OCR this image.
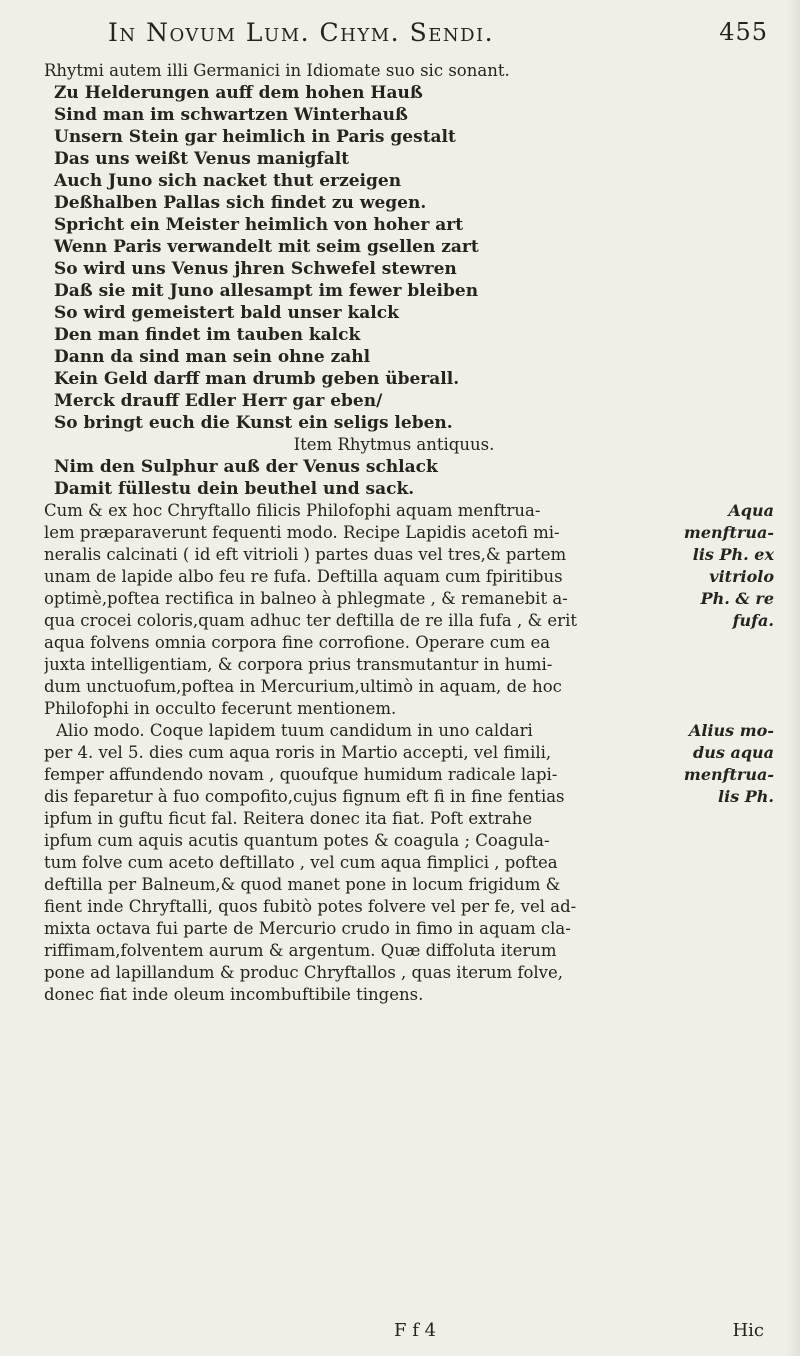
In Novum Lum. Chym. Sendi.	455
Rhytmi autem illi Germanici in Idiomate suo sic sonant.
Zu Helderungen auff dem hohen Hauß
Sind man im schwartzen Winterhauß
Unsern Stein gar heimlich in Paris gestalt
Das uns weißt Venus manigfalt
Auch Juno sich nacket thut erzeigen
Deßhalben Pallas sich findet zu wegen.
Spricht ein Meister heimlich von hoher art
Wenn Paris verwandelt mit seim gsellen zart
So wird uns Venus jhren Schwefel stewren
Daß sie mit Juno allesampt im fewer bleiben
So wird gemeistert bald unser kalck
Den man findet im tauben kalck
Dann da sind man sein ohne zahl
Kein Geld darff man drumb geben überall.
Merck drauff Edler Herr gar eben/
So bringt euch die Kunst ein seligs leben.
Item Rhytmus antiquus.
Nim den Sulphur auß der Venus schlack
Damit füllestu dein beuthel und sack.
Cum & ex hoc Chryftallo filicis Philofophi aquam menftrua-	Aqua
lem præparaverunt fequenti modo. Recipe Lapidis acetofi mi-	menftrua-
neralis calcinati ( id eft vitrioli ) partes duas vel tres,& partem	lis Ph. ex
unam de lapide albo feu re fufa. Deftilla aquam cum fpiritibus	vitriolo
optimè,poftea rectifica in balneo à phlegmate , & remanebit a-	Ph. & re
qua crocei coloris,quam adhuc ter deftilla de re illa fufa , & erit	fufa.
aqua folvens omnia corpora fine corrofione. Operare cum ea
juxta intelligentiam, & corpora prius transmutantur in humi-
dum unctuofum,poftea in Mercurium,ultimò in aquam, de hoc
Philofophi in occulto fecerunt mentionem.
Alio modo. Coque lapidem tuum candidum in uno caldari	Alius mo-
per 4. vel 5. dies cum aqua roris in Martio accepti, vel fimili,	dus aqua
femper affundendo novam , quoufque humidum radicale lapi-	menftrua-
dis feparetur à fuo compofito,cujus fignum eft fi in fine fentias	lis Ph.
ipfum in guftu ficut fal. Reitera donec ita fiat. Poft extrahe
ipfum cum aquis acutis quantum potes & coagula ; Coagula-
tum folve cum aceto deftillato , vel cum aqua fimplici , poftea
deftilla per Balneum,& quod manet pone in locum frigidum &
fient inde Chryftalli, quos fubitò potes folvere vel per fe, vel ad-
mixta octava fui parte de Mercurio crudo in fimo in aquam cla-
riffimam,folventem aurum & argentum. Quæ diffoluta iterum
pone ad lapillandum & produc Chryftallos , quas iterum folve,
donec fiat inde oleum incombuftibile tingens.
F f 4	Hic
